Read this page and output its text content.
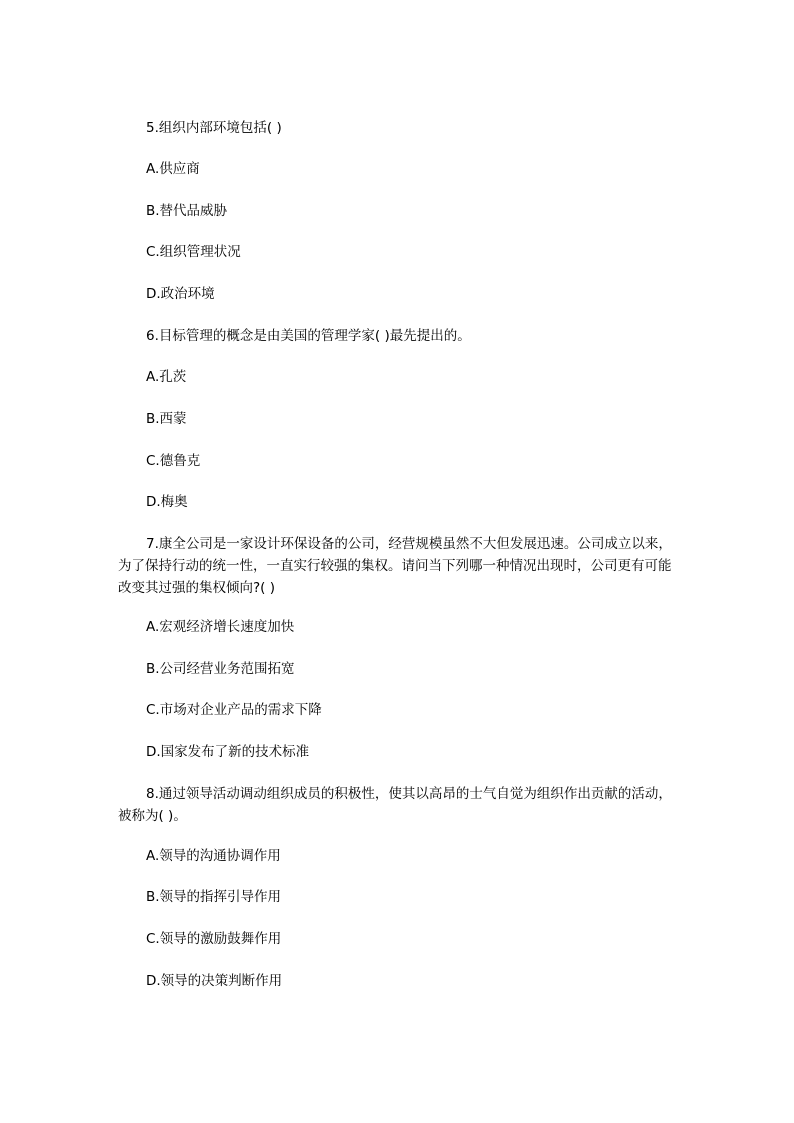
5.组织内部环境包括( )
A.供应商
B.替代品威胁
C.组织管理状况
D.政治环境
6.目标管理的概念是由美国的管理学家( )最先提出的。
A.孔茨
B.西蒙
C.德鲁克
D.梅奥
7.康全公司是一家设计环保设备的公司，经营规模虽然不大但发展迅速。公司成立以来，为了保持行动的统一性，一直实行较强的集权。请问当下列哪一种情况出现时，公司更有可能改变其过强的集权倾向?( )
A.宏观经济增长速度加快
B.公司经营业务范围拓宽
C.市场对企业产品的需求下降
D.国家发布了新的技术标准
8.通过领导活动调动组织成员的积极性，使其以高昂的士气自觉为组织作出贡献的活动，被称为( )。
A.领导的沟通协调作用
B.领导的指挥引导作用
C.领导的激励鼓舞作用
D.领导的决策判断作用
